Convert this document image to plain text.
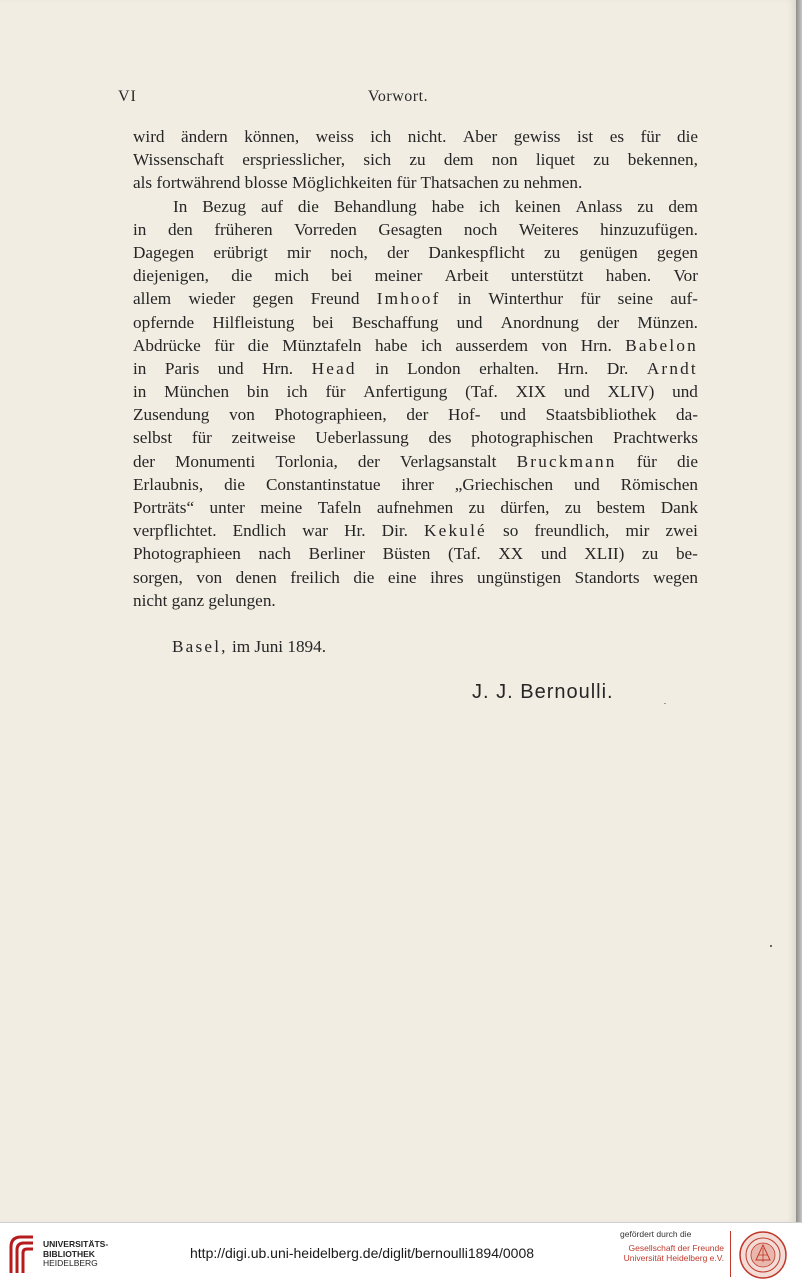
VI	Vorwort.
wird ändern können, weiss ich nicht. Aber gewiss ist es für die
Wissenschaft erspriesslicher, sich zu dem non liquet zu bekennen,
als fortwährend blosse Möglichkeiten für Thatsachen zu nehmen.
In Bezug auf die Behandlung habe ich keinen Anlass zu dem
in den früheren Vorreden Gesagten noch Weiteres hinzuzufügen.
Dagegen erübrigt mir noch, der Dankespflicht zu genügen gegen
diejenigen, die mich bei meiner Arbeit unterstützt haben. Vor
allem wieder gegen Freund Imhoof in Winterthur für seine auf-
opfernde Hilfleistung bei Beschaffung und Anordnung der Münzen.
Abdrücke für die Münztafeln habe ich ausserdem von Hrn. Babelon
in Paris und Hrn. Head in London erhalten. Hrn. Dr. Arndt
in München bin ich für Anfertigung (Taf. XIX und XLIV) und
Zusendung von Photographieen, der Hof- und Staatsbibliothek da-
selbst für zeitweise Ueberlassung des photographischen Prachtwerks
der Monumenti Torlonia, der Verlagsanstalt Bruckmann für die
Erlaubnis, die Constantinstatue ihrer „Griechischen und Römischen
Porträts“ unter meine Tafeln aufnehmen zu dürfen, zu bestem Dank
verpflichtet. Endlich war Hr. Dir. Kekulé so freundlich, mir zwei
Photographieen nach Berliner Büsten (Taf. XX und XLII) zu be-
sorgen, von denen freilich die eine ihres ungünstigen Standorts wegen
nicht ganz gelungen.
Basel, im Juni 1894.
J. J. Bernoulli.
UNIVERSITÄTS-
BIBLIOTHEK
HEIDELBERG
http://digi.ub.uni-heidelberg.de/diglit/bernoulli1894/0008
gefördert durch die
Gesellschaft der Freunde
Universität Heidelberg e.V.
